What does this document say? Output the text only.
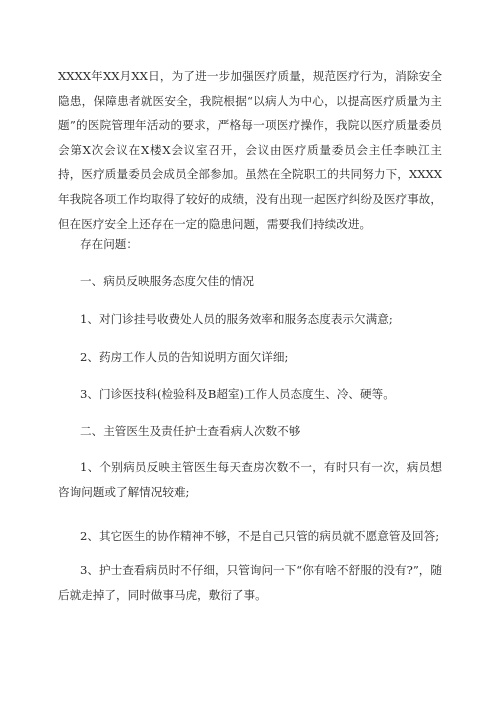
XXXX年XX月XX日，为了进一步加强医疗质量，规范医疗行为，消除安全隐患，保障患者就医安全，我院根据“以病人为中心，以提高医疗质量为主题”的医院管理年活动的要求，严格每一项医疗操作，我院以医疗质量委员会第X次会议在X楼X会议室召开，会议由医疗质量委员会主任李映江主持，医疗质量委员会成员全部参加。虽然在全院职工的共同努力下，XXXX年我院各项工作均取得了较好的成绩，没有出现一起医疗纠纷及医疗事故，但在医疗安全上还存在一定的隐患问题，需要我们持续改进。

存在问题：

一、病员反映服务态度欠佳的情况

1、对门诊挂号收费处人员的服务效率和服务态度表示欠满意;

2、药房工作人员的告知说明方面欠详细;

3、门诊医技科(检验科及B超室)工作人员态度生、冷、硬等。

二、主管医生及责任护士查看病人次数不够

1、个别病员反映主管医生每天查房次数不一，有时只有一次，病员想咨询问题或了解情况较难;

2、其它医生的协作精神不够，不是自己只管的病员就不愿意管及回答;

3、护士查看病员时不仔细，只管询问一下“你有啥不舒服的没有?”，随后就走掉了，同时做事马虎，敷衍了事。
